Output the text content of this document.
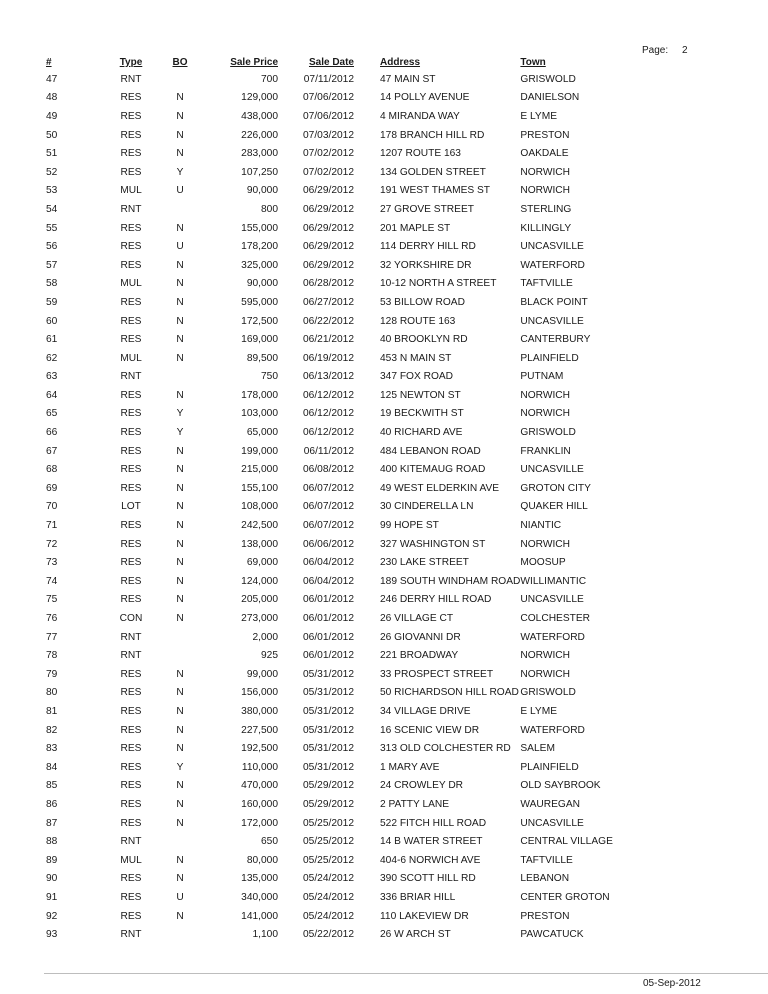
Page: 2
#	Type	BO	Sale Price	Sale Date	Address	Town
47	RNT		700	07/11/2012	47 MAIN ST	GRISWOLD
48	RES	N	129,000	07/06/2012	14 POLLY AVENUE	DANIELSON
49	RES	N	438,000	07/06/2012	4 MIRANDA WAY	E LYME
50	RES	N	226,000	07/03/2012	178 BRANCH HILL RD	PRESTON
51	RES	N	283,000	07/02/2012	1207 ROUTE 163	OAKDALE
52	RES	Y	107,250	07/02/2012	134 GOLDEN STREET	NORWICH
53	MUL	U	90,000	06/29/2012	191 WEST THAMES ST	NORWICH
54	RNT		800	06/29/2012	27 GROVE STREET	STERLING
55	RES	N	155,000	06/29/2012	201 MAPLE ST	KILLINGLY
56	RES	U	178,200	06/29/2012	114 DERRY HILL RD	UNCASVILLE
57	RES	N	325,000	06/29/2012	32 YORKSHIRE DR	WATERFORD
58	MUL	N	90,000	06/28/2012	10-12 NORTH A STREET	TAFTVILLE
59	RES	N	595,000	06/27/2012	53 BILLOW ROAD	BLACK POINT
60	RES	N	172,500	06/22/2012	128 ROUTE 163	UNCASVILLE
61	RES	N	169,000	06/21/2012	40 BROOKLYN RD	CANTERBURY
62	MUL	N	89,500	06/19/2012	453 N MAIN ST	PLAINFIELD
63	RNT		750	06/13/2012	347 FOX ROAD	PUTNAM
64	RES	N	178,000	06/12/2012	125 NEWTON ST	NORWICH
65	RES	Y	103,000	06/12/2012	19 BECKWITH ST	NORWICH
66	RES	Y	65,000	06/12/2012	40 RICHARD AVE	GRISWOLD
67	RES	N	199,000	06/11/2012	484 LEBANON ROAD	FRANKLIN
68	RES	N	215,000	06/08/2012	400 KITEMAUG ROAD	UNCASVILLE
69	RES	N	155,100	06/07/2012	49 WEST ELDERKIN AVE	GROTON CITY
70	LOT	N	108,000	06/07/2012	30 CINDERELLA LN	QUAKER HILL
71	RES	N	242,500	06/07/2012	99 HOPE ST	NIANTIC
72	RES	N	138,000	06/06/2012	327 WASHINGTON ST	NORWICH
73	RES	N	69,000	06/04/2012	230 LAKE STREET	MOOSUP
74	RES	N	124,000	06/04/2012	189 SOUTH WINDHAM ROAD	WILLIMANTIC
75	RES	N	205,000	06/01/2012	246 DERRY HILL ROAD	UNCASVILLE
76	CON	N	273,000	06/01/2012	26 VILLAGE CT	COLCHESTER
77	RNT		2,000	06/01/2012	26 GIOVANNI DR	WATERFORD
78	RNT		925	06/01/2012	221 BROADWAY	NORWICH
79	RES	N	99,000	05/31/2012	33 PROSPECT STREET	NORWICH
80	RES	N	156,000	05/31/2012	50 RICHARDSON HILL ROAD	GRISWOLD
81	RES	N	380,000	05/31/2012	34 VILLAGE DRIVE	E LYME
82	RES	N	227,500	05/31/2012	16 SCENIC VIEW DR	WATERFORD
83	RES	N	192,500	05/31/2012	313 OLD COLCHESTER RD	SALEM
84	RES	Y	110,000	05/31/2012	1 MARY AVE	PLAINFIELD
85	RES	N	470,000	05/29/2012	24 CROWLEY DR	OLD SAYBROOK
86	RES	N	160,000	05/29/2012	2 PATTY LANE	WAUREGAN
87	RES	N	172,000	05/25/2012	522 FITCH HILL ROAD	UNCASVILLE
88	RNT		650	05/25/2012	14 B WATER STREET	CENTRAL VILLAGE
89	MUL	N	80,000	05/25/2012	404-6 NORWICH AVE	TAFTVILLE
90	RES	N	135,000	05/24/2012	390 SCOTT HILL RD	LEBANON
91	RES	U	340,000	05/24/2012	336 BRIAR HILL	CENTER GROTON
92	RES	N	141,000	05/24/2012	110 LAKEVIEW DR	PRESTON
93	RNT		1,100	05/22/2012	26 W ARCH ST	PAWCATUCK
05-Sep-2012
